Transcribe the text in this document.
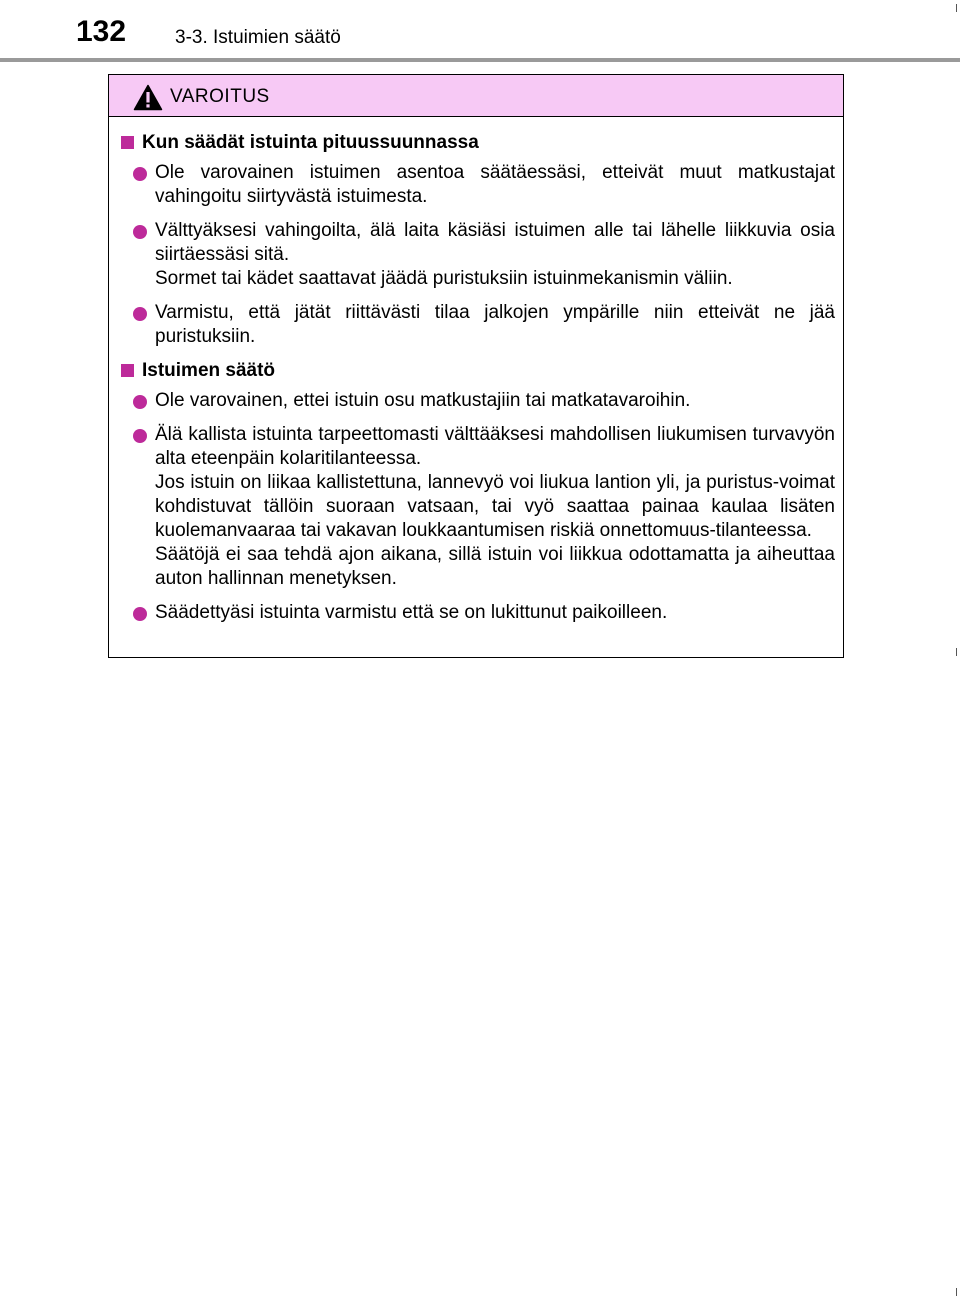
132	3-3. Istuimien säätö
VAROITUS
Kun säädät istuinta pituussuunnassa

Ole varovainen istuimen asentoa säätäessäsi, etteivät muut matkustajat vahingoitu siirtyvästä istuimesta.

Välttyäksesi vahingoilta, älä laita käsiäsi istuimen alle tai lähelle liikkuvia osia siirtäessäsi sitä.

Sormet tai kädet saattavat jäädä puristuksiin istuinmekanismin väliin.

Varmistu, että jätät riittävästi tilaa jalkojen ympärille niin etteivät ne jää puristuksiin.

Istuimen säätö

Ole varovainen, ettei istuin osu matkustajiin tai matkatavaroihin.

Älä kallista istuinta tarpeettomasti välttääksesi mahdollisen liukumisen turvavyön alta eteenpäin kolaritilanteessa.

Jos istuin on liikaa kallistettuna, lannevyö voi liukua lantion yli, ja puristus-voimat kohdistuvat tällöin suoraan vatsaan, tai vyö saattaa painaa kaulaa lisäten kuolemanvaaraa tai vakavan loukkaantumisen riskiä onnettomuus-tilanteessa.

Säätöjä ei saa tehdä ajon aikana, sillä istuin voi liikkua odottamatta ja aiheuttaa auton hallinnan menetyksen.

Säädettyäsi istuinta varmistu että se on lukittunut paikoilleen.
